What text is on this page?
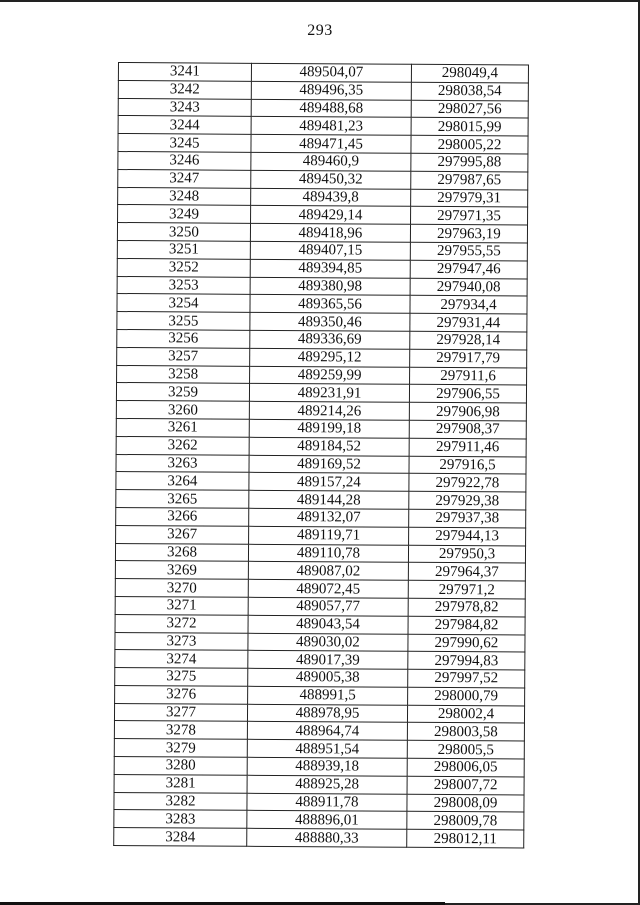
293
3241	489504,07	298049,4
3242	489496,35	298038,54
3243	489488,68	298027,56
3244	489481,23	298015,99
3245	489471,45	298005,22
3246	489460,9	297995,88
3247	489450,32	297987,65
3248	489439,8	297979,31
3249	489429,14	297971,35
3250	489418,96	297963,19
3251	489407,15	297955,55
3252	489394,85	297947,46
3253	489380,98	297940,08
3254	489365,56	297934,4
3255	489350,46	297931,44
3256	489336,69	297928,14
3257	489295,12	297917,79
3258	489259,99	297911,6
3259	489231,91	297906,55
3260	489214,26	297906,98
3261	489199,18	297908,37
3262	489184,52	297911,46
3263	489169,52	297916,5
3264	489157,24	297922,78
3265	489144,28	297929,38
3266	489132,07	297937,38
3267	489119,71	297944,13
3268	489110,78	297950,3
3269	489087,02	297964,37
3270	489072,45	297971,2
3271	489057,77	297978,82
3272	489043,54	297984,82
3273	489030,02	297990,62
3274	489017,39	297994,83
3275	489005,38	297997,52
3276	488991,5	298000,79
3277	488978,95	298002,4
3278	488964,74	298003,58
3279	488951,54	298005,5
3280	488939,18	298006,05
3281	488925,28	298007,72
3282	488911,78	298008,09
3283	488896,01	298009,78
3284	488880,33	298012,11
